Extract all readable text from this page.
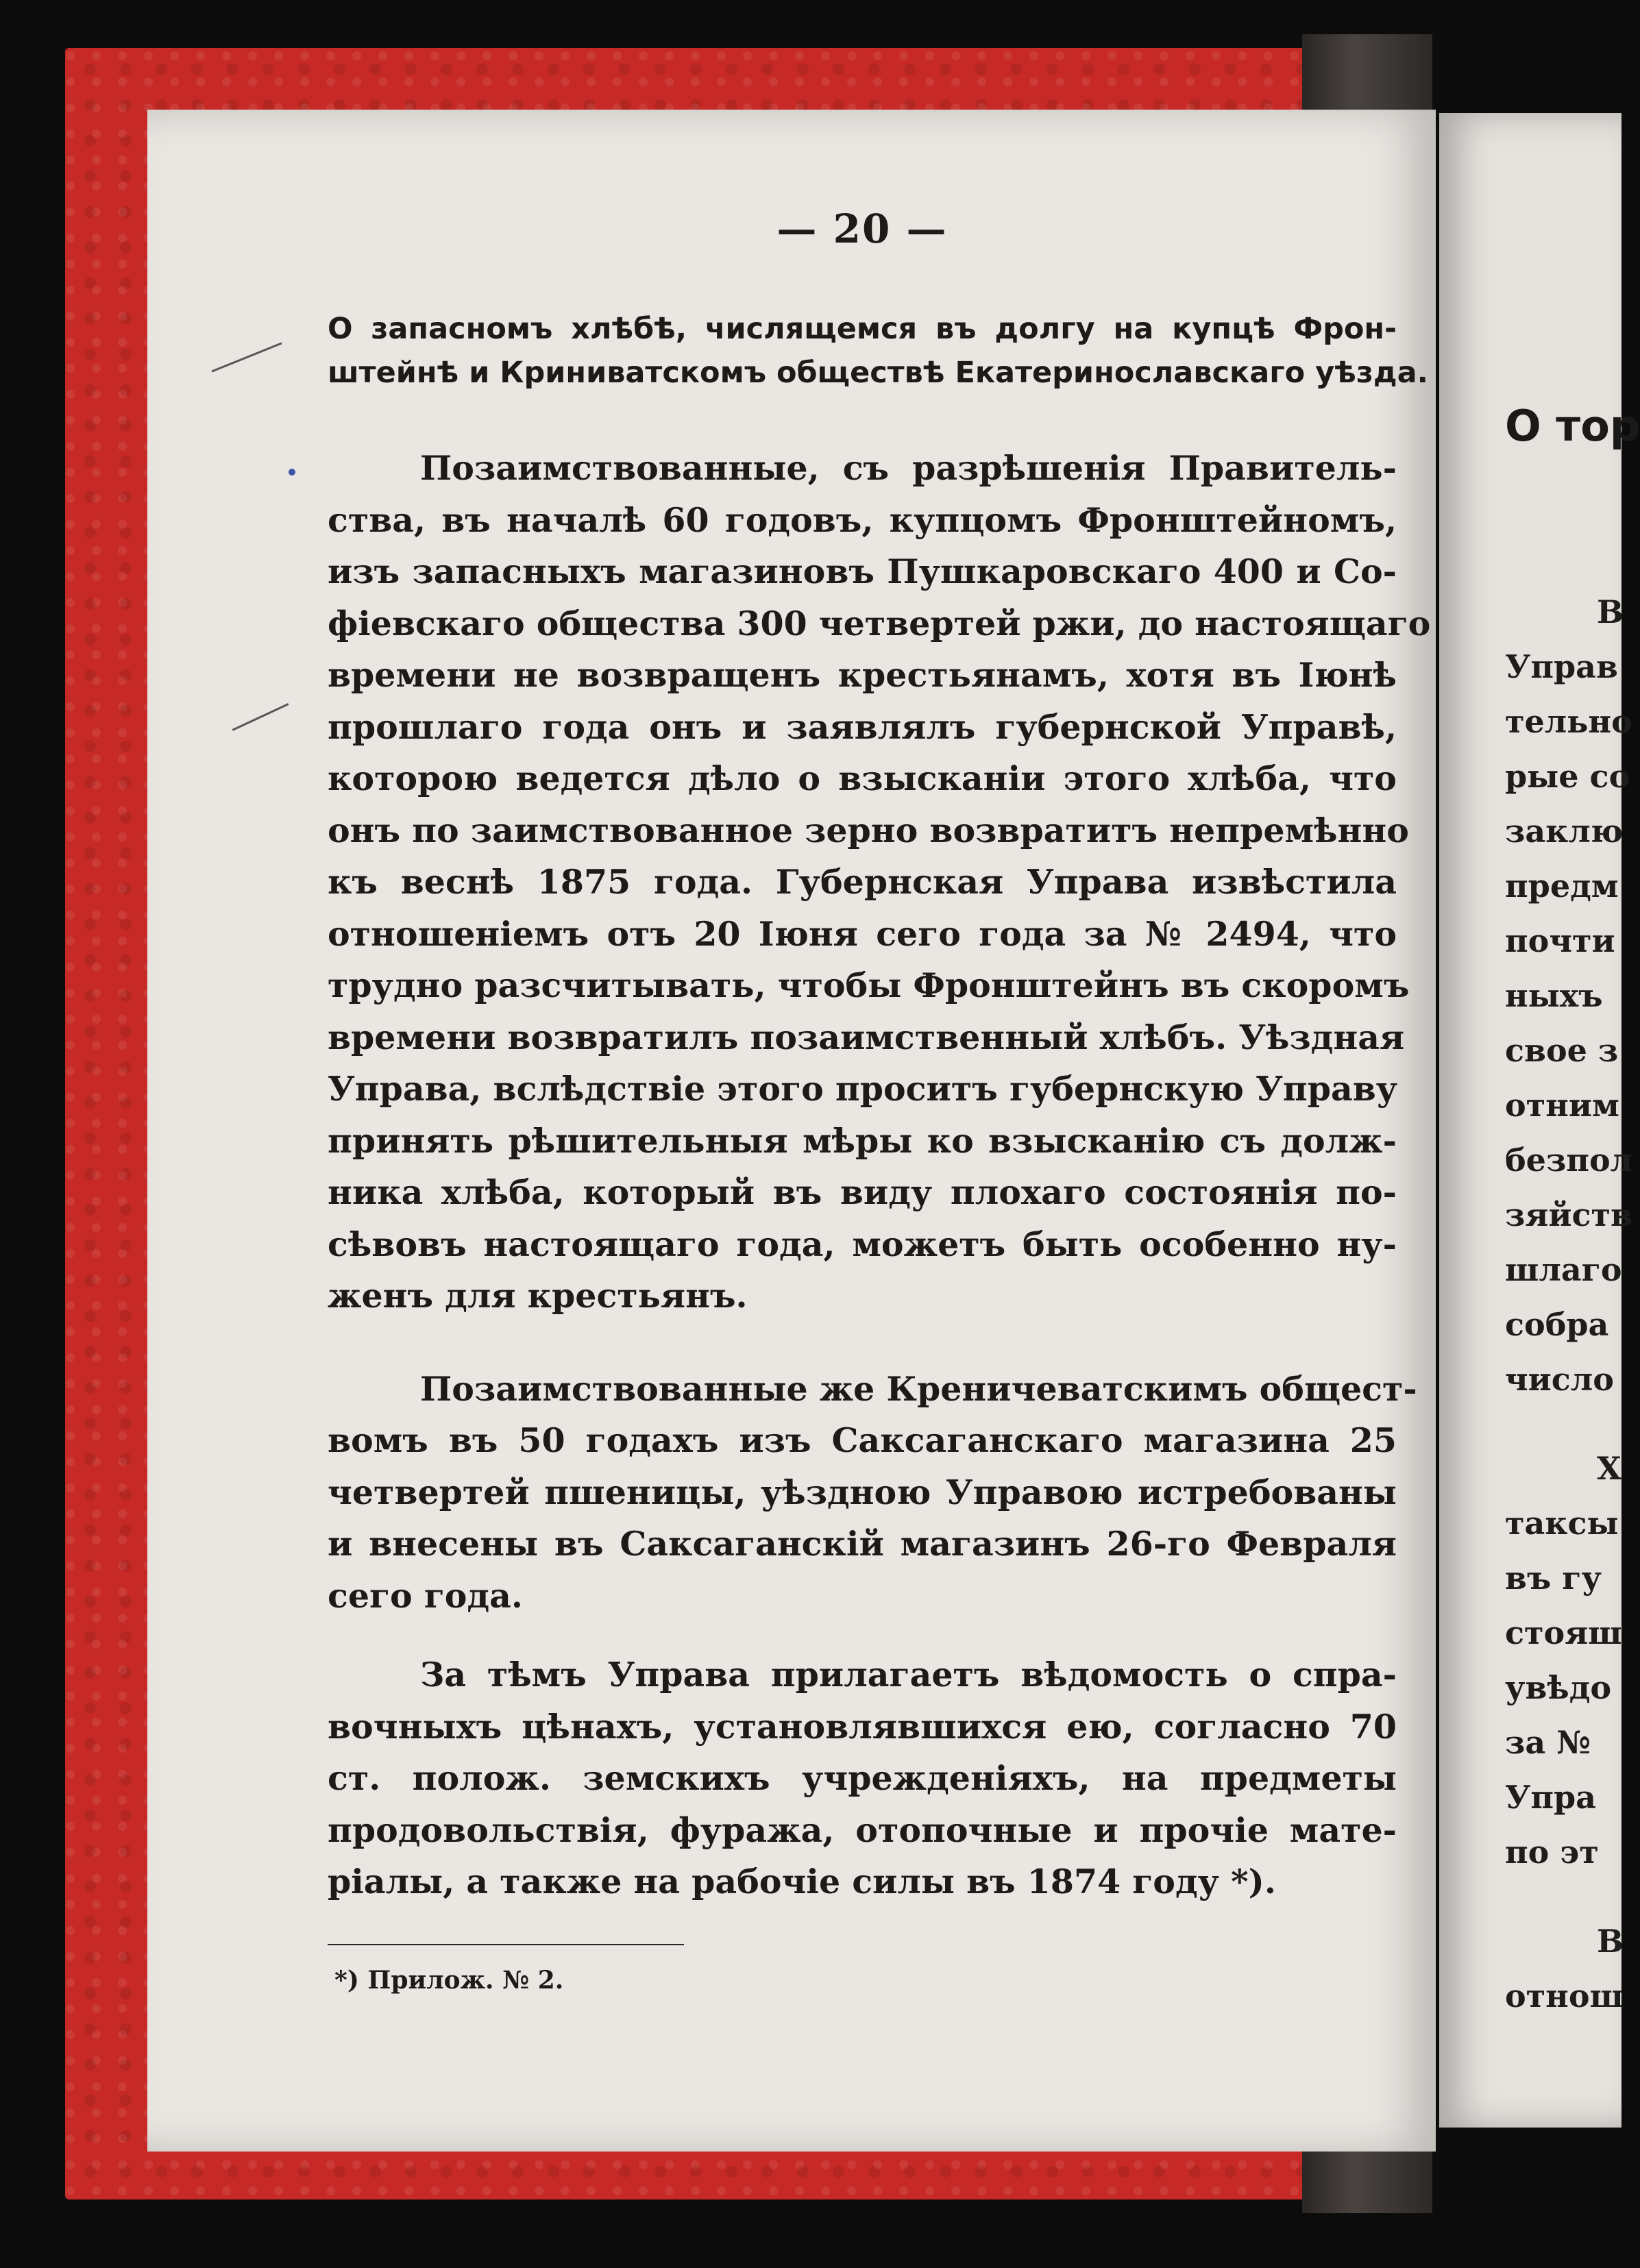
О тор
В
Управ
тельно
рые со
заклю
предм
почти
ныхъ
свое з
отним
безпол
зяйств
шлаго
собра
число
Х
таксы
въ гу
стояш
увѣдо
за №
Упра
по эт
В
отнош
— 20 —
О запасномъ хлѣбѣ, числящемся въ долгу на купцѣ Фрон-
штейнѣ и Криниватскомъ обществѣ Екатеринославскаго уѣзда.
Позаимствованные, съ разрѣшенія Правитель-
ства, въ началѣ 60 годовъ, купцомъ Фронштейномъ,
изъ запасныхъ магазиновъ Пушкаровскаго 400 и Со-
фіевскаго общества 300 четвертей ржи, до настоящаго
времени не возвращенъ крестьянамъ, хотя въ Іюнѣ
прошлаго года онъ и заявлялъ губернской Управѣ,
которою ведется дѣло о взысканіи этого хлѣба, что
онъ по заимствованное зерно возвратитъ непремѣнно
къ веснѣ 1875 года. Губернская Управа извѣстила
отношеніемъ отъ 20 Іюня сего года за № 2494, что
трудно разсчитывать, чтобы Фронштейнъ въ скоромъ
времени возвратилъ позаимственный хлѣбъ. Уѣздная
Управа, вслѣдствіе этого проситъ губернскую Управу
принять рѣшительныя мѣры ко взысканію съ долж-
ника хлѣба, который въ виду плохаго состоянія по-
сѣвовъ настоящаго года, можетъ быть особенно ну-
женъ для крестьянъ.
Позаимствованные же Креничеватскимъ общест-
вомъ въ 50 годахъ изъ Саксаганскаго магазина 25
четвертей пшеницы, уѣздною Управою истребованы
и внесены въ Саксаганскій магазинъ 26-го Февраля
сего года.
За тѣмъ Управа прилагаетъ вѣдомость о спра-
вочныхъ цѣнахъ, установлявшихся ею, согласно 70
ст. полож. земскихъ учрежденіяхъ, на предметы
продовольствія, фуража, отопочные и прочіе мате-
ріалы, а также на рабочіе силы въ 1874 году *).
*) Прилож. № 2.
